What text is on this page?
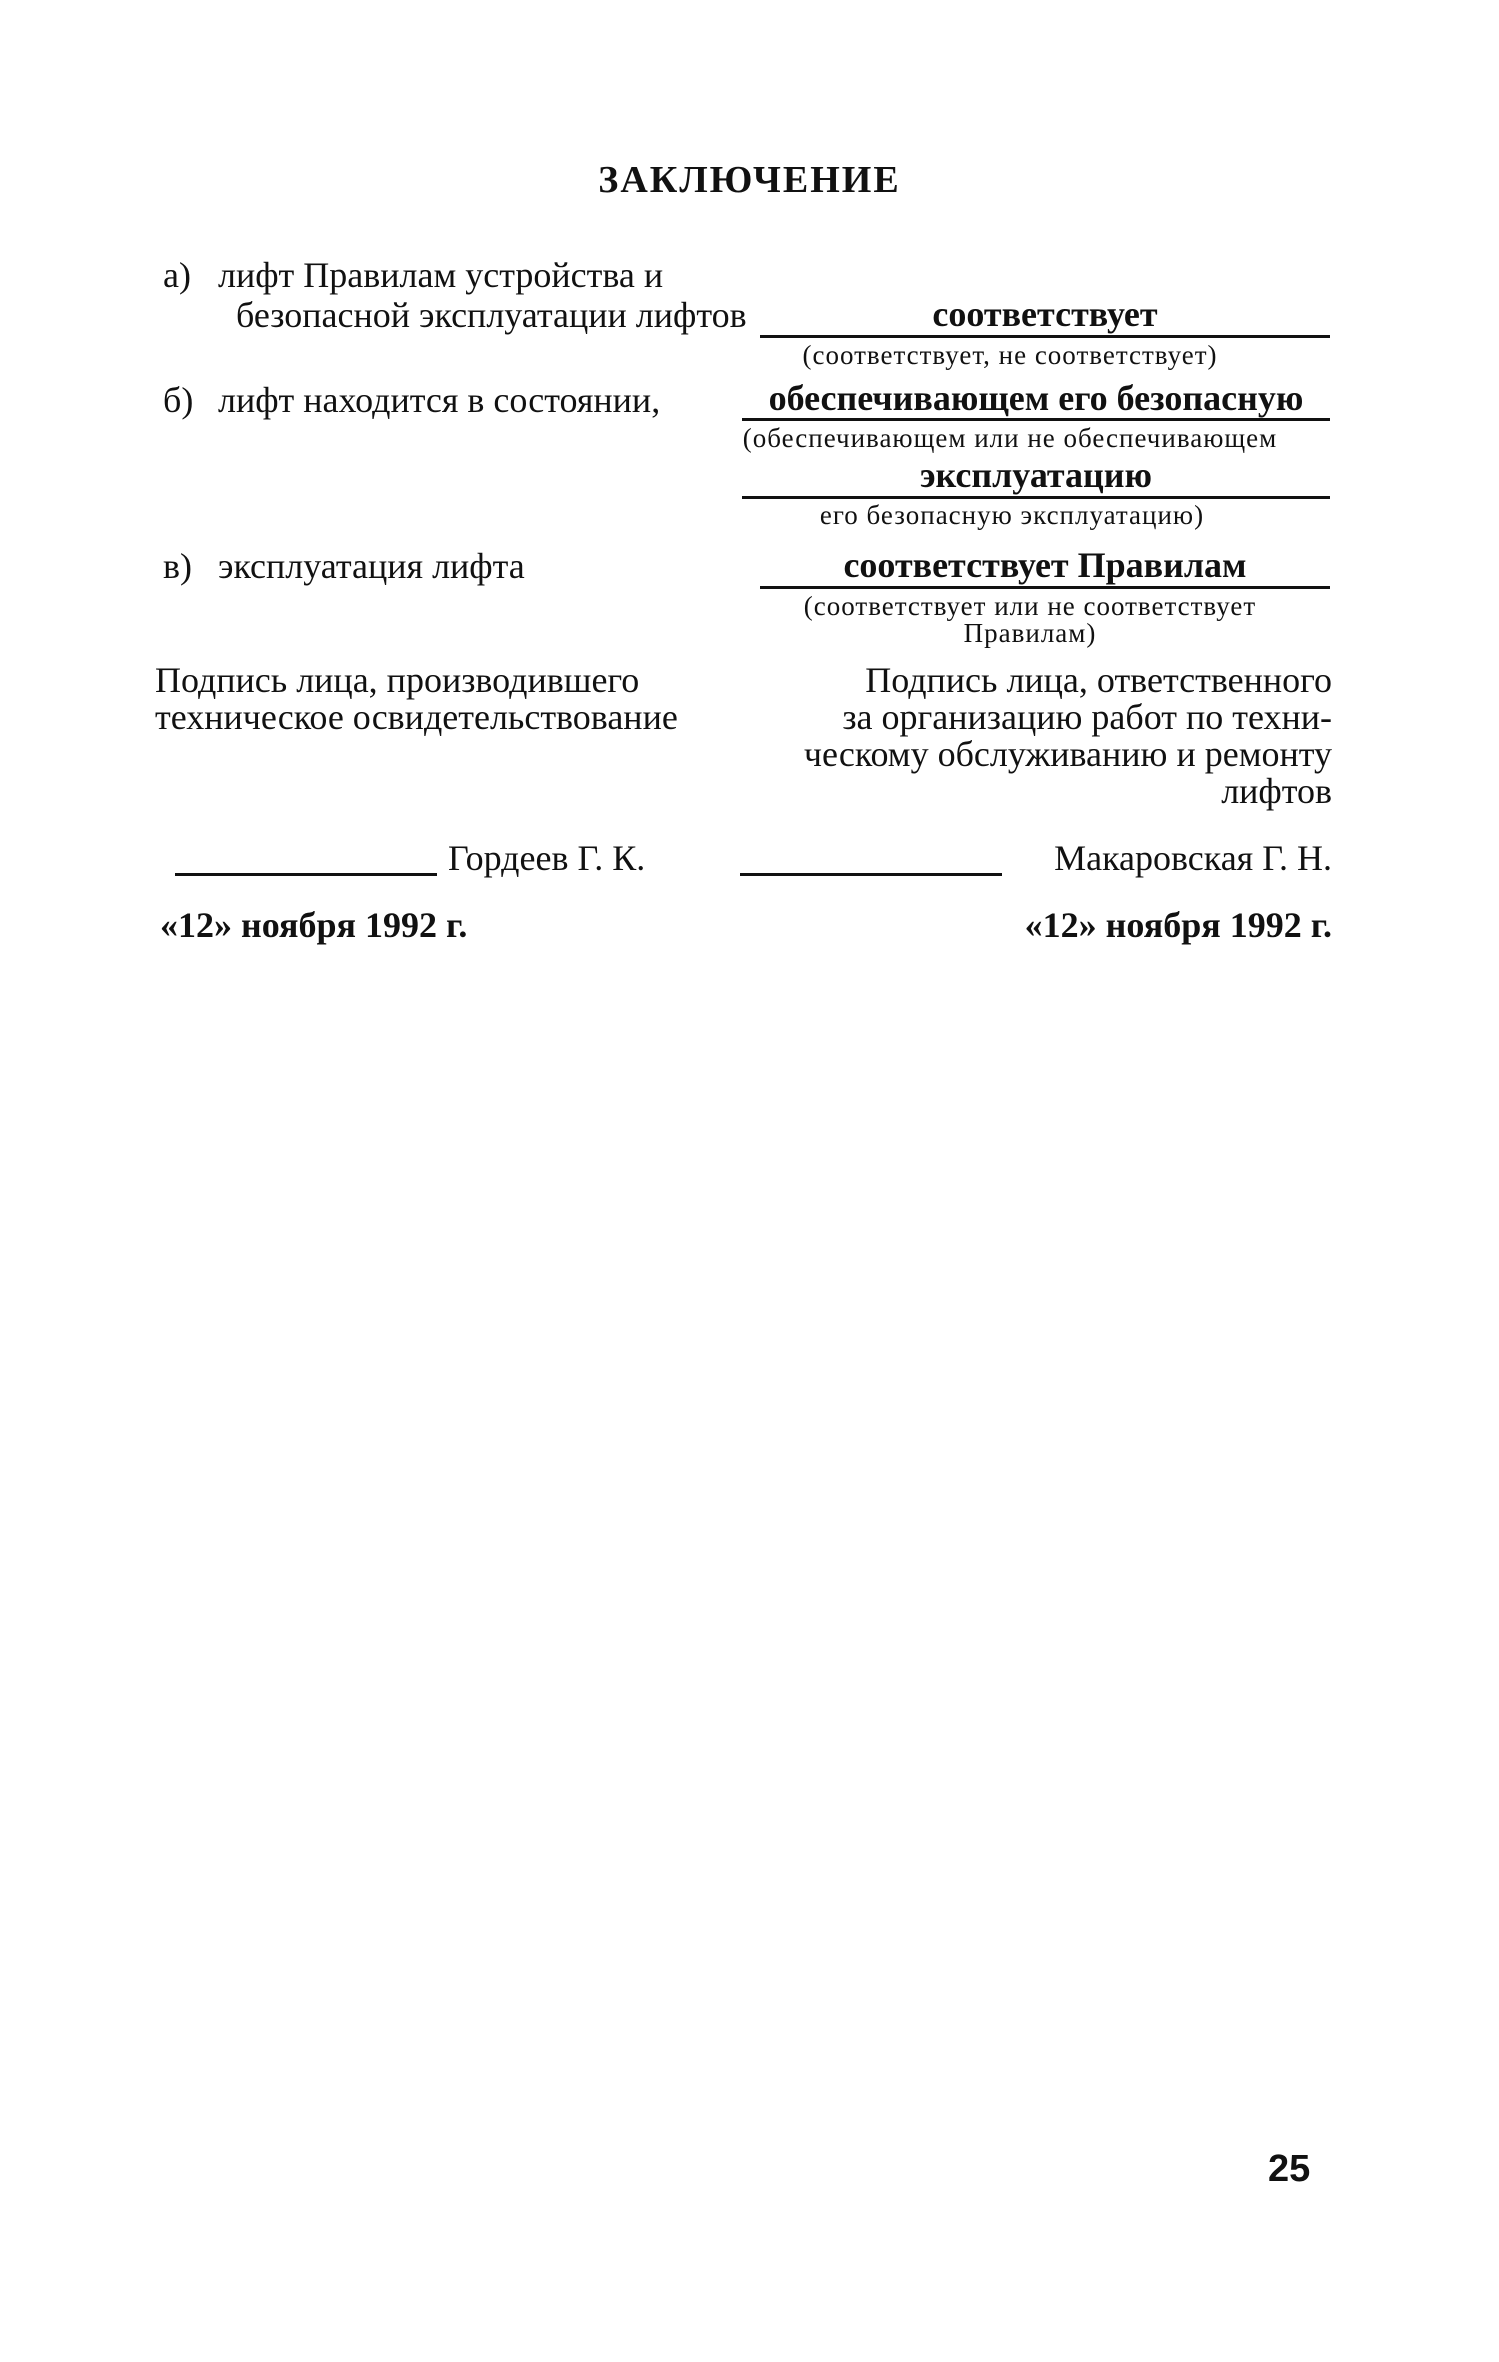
ЗАКЛЮЧЕНИЕ
а) лифт Правилам устройства и
безопасной эксплуатации лифтов	соответствует
(соответствует, не соответствует)
б) лифт находится в состоянии,	обеспечивающем его безопасную
(обеспечивающем или не обеспечивающем
эксплуатацию
его безопасную эксплуатацию)
в) эксплуатация лифта	соответствует Правилам
(соответствует или не соответствует
Правилам)
Подпись лица, производившего
техническое освидетельствование
Подпись лица, ответственного
за организацию работ по техни-
ческому обслуживанию и ремонту
лифтов
Гордеев Г. К.	Макаровская Г. Н.
«12» ноября 1992 г.	«12» ноября 1992 г.
25
